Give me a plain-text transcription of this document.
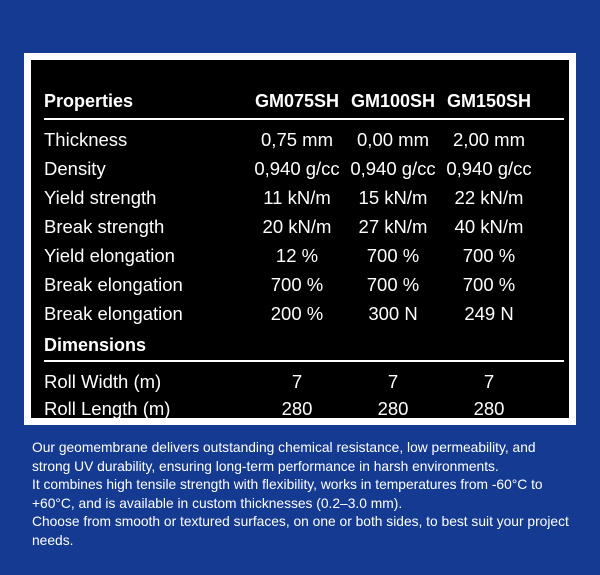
Properties	GM075SH GM100SH GM150SH
Thickness	0,75 mm	0,00 mm	2,00 mm
Density	0,940 g/cc 0,940 g/cc 0,940 g/cc
Yield strength	11 kN/m	15 kN/m	22 kN/m
Break strength	20 kN/m	27 kN/m	40 kN/m
Yield elongation	12 %	700 %	700 %
Break elongation	700 %	700 %	700 %
Break elongation	200 %	300 N	249 N
Dimensions
Roll Width (m)	7	7	7
Roll Length (m)	280	280	280

Our geomembrane delivers outstanding chemical resistance, low permeability, and strong UV durability, ensuring long-term performance in harsh environments.

It combines high tensile strength with flexibility, works in temperatures from -60°C to +60°C, and is available in custom thicknesses (0.2–3.0 mm).

Choose from smooth or textured surfaces, on one or both sides, to best suit your project needs.
